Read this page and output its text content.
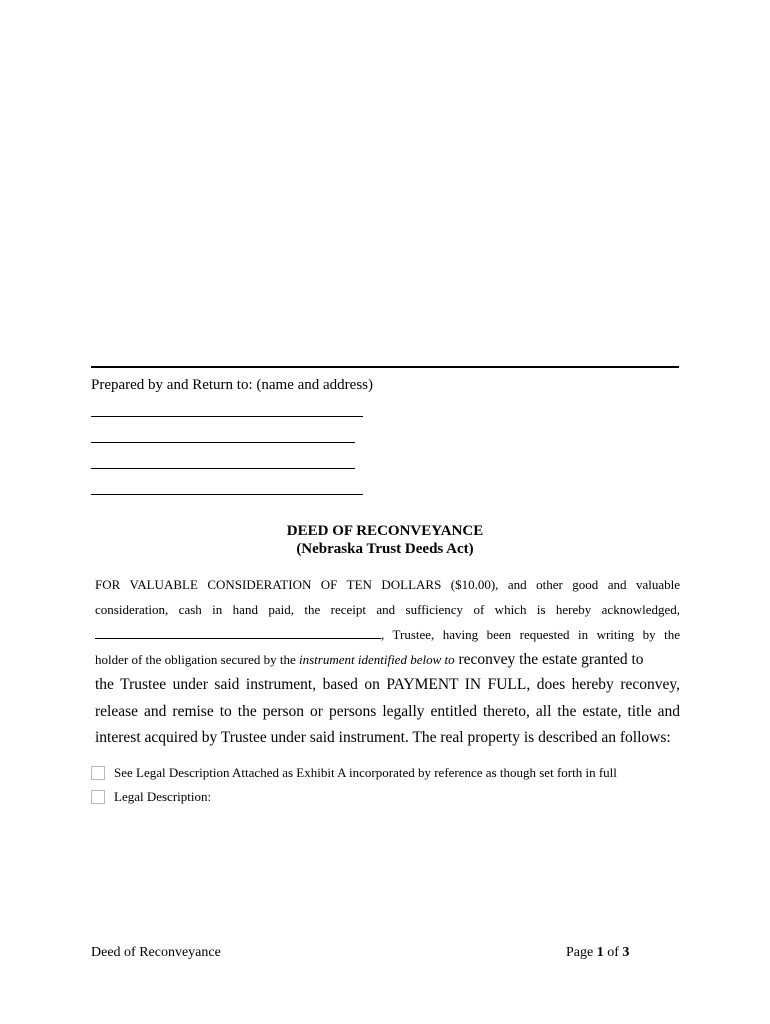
Prepared by and Return to: (name and address)
DEED OF RECONVEYANCE
(Nebraska Trust Deeds Act)
FOR VALUABLE CONSIDERATION OF TEN DOLLARS ($10.00), and other good and valuable
consideration, cash in hand paid, the receipt and sufficiency of which is hereby acknowledged,
, Trustee, having been requested in writing by the
holder of the obligation secured by the instrument identified below to reconvey the estate granted to
the Trustee under said instrument, based on PAYMENT IN FULL, does hereby reconvey,
release and remise to the person or persons legally entitled thereto, all the estate, title and
interest acquired by Trustee under said instrument. The real property is described an follows:
See Legal Description Attached as Exhibit A incorporated by reference as though set forth in full
Legal Description:
Deed of Reconveyance	Page 1 of 3
